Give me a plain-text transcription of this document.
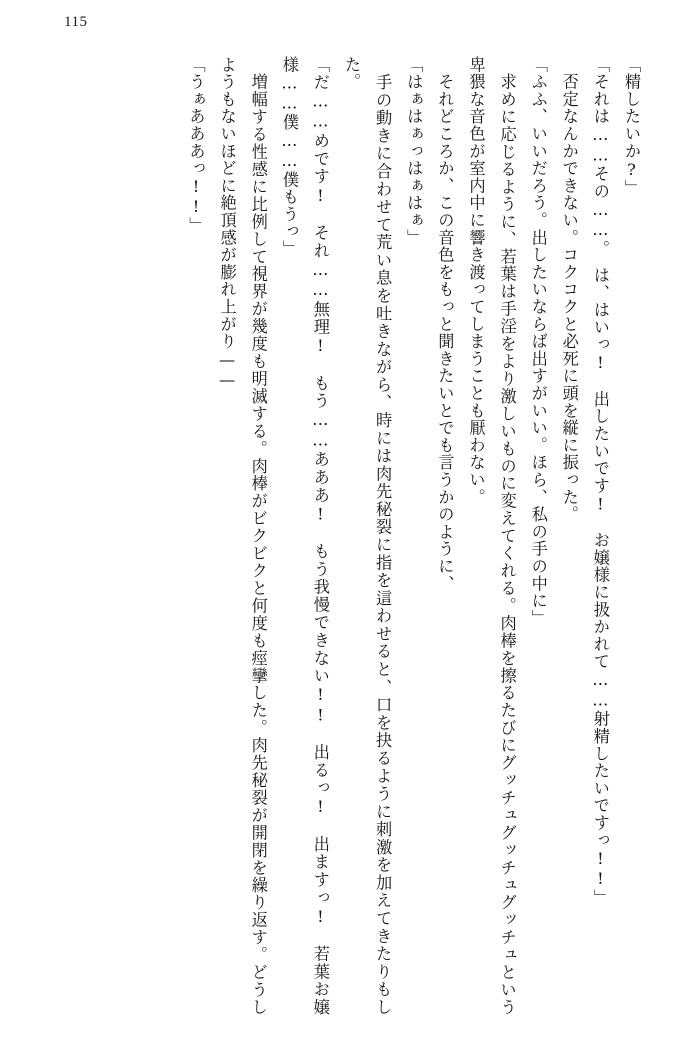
115

「精したいか?」

「それは……その……。　は、はいっ!　出したいです!　お嬢様に扱かれて……射精したいですっ!!」

　否定なんかできない。コクコクと必死に頭を縦に振った。

「ふふ、いいだろう。出したいならば出すがいい。ほら、私の手の中に」

　求めに応じるように、若葉は手淫をより激しいものに変えてくれる。肉棒を擦るたびにグッチュグッチュグッチュという卑猥な音色が室内中に響き渡ってしまうことも厭わない。

　それどころか、この音色をもっと聞きたいとでも言うかのように、

「はぁはぁっはぁはぁ」

　手の動きに合わせて荒い息を吐きながら、時には肉先秘裂に指を這わせると、口を抉るように刺激を加えてきたりもした。

「だ……めです!　それ……無理!　もう……あああ!　もう我慢できない!!　出るっ!　出ますっ!　若葉お嬢様……僕……僕もうっ」

　増幅する性感に比例して視界が幾度も明滅する。肉棒がビクビクと何度も痙攣した。肉先秘裂が開閉を繰り返す。どうしようもないほどに絶頂感が膨れ上がり——

「うぁあああっ!!」
